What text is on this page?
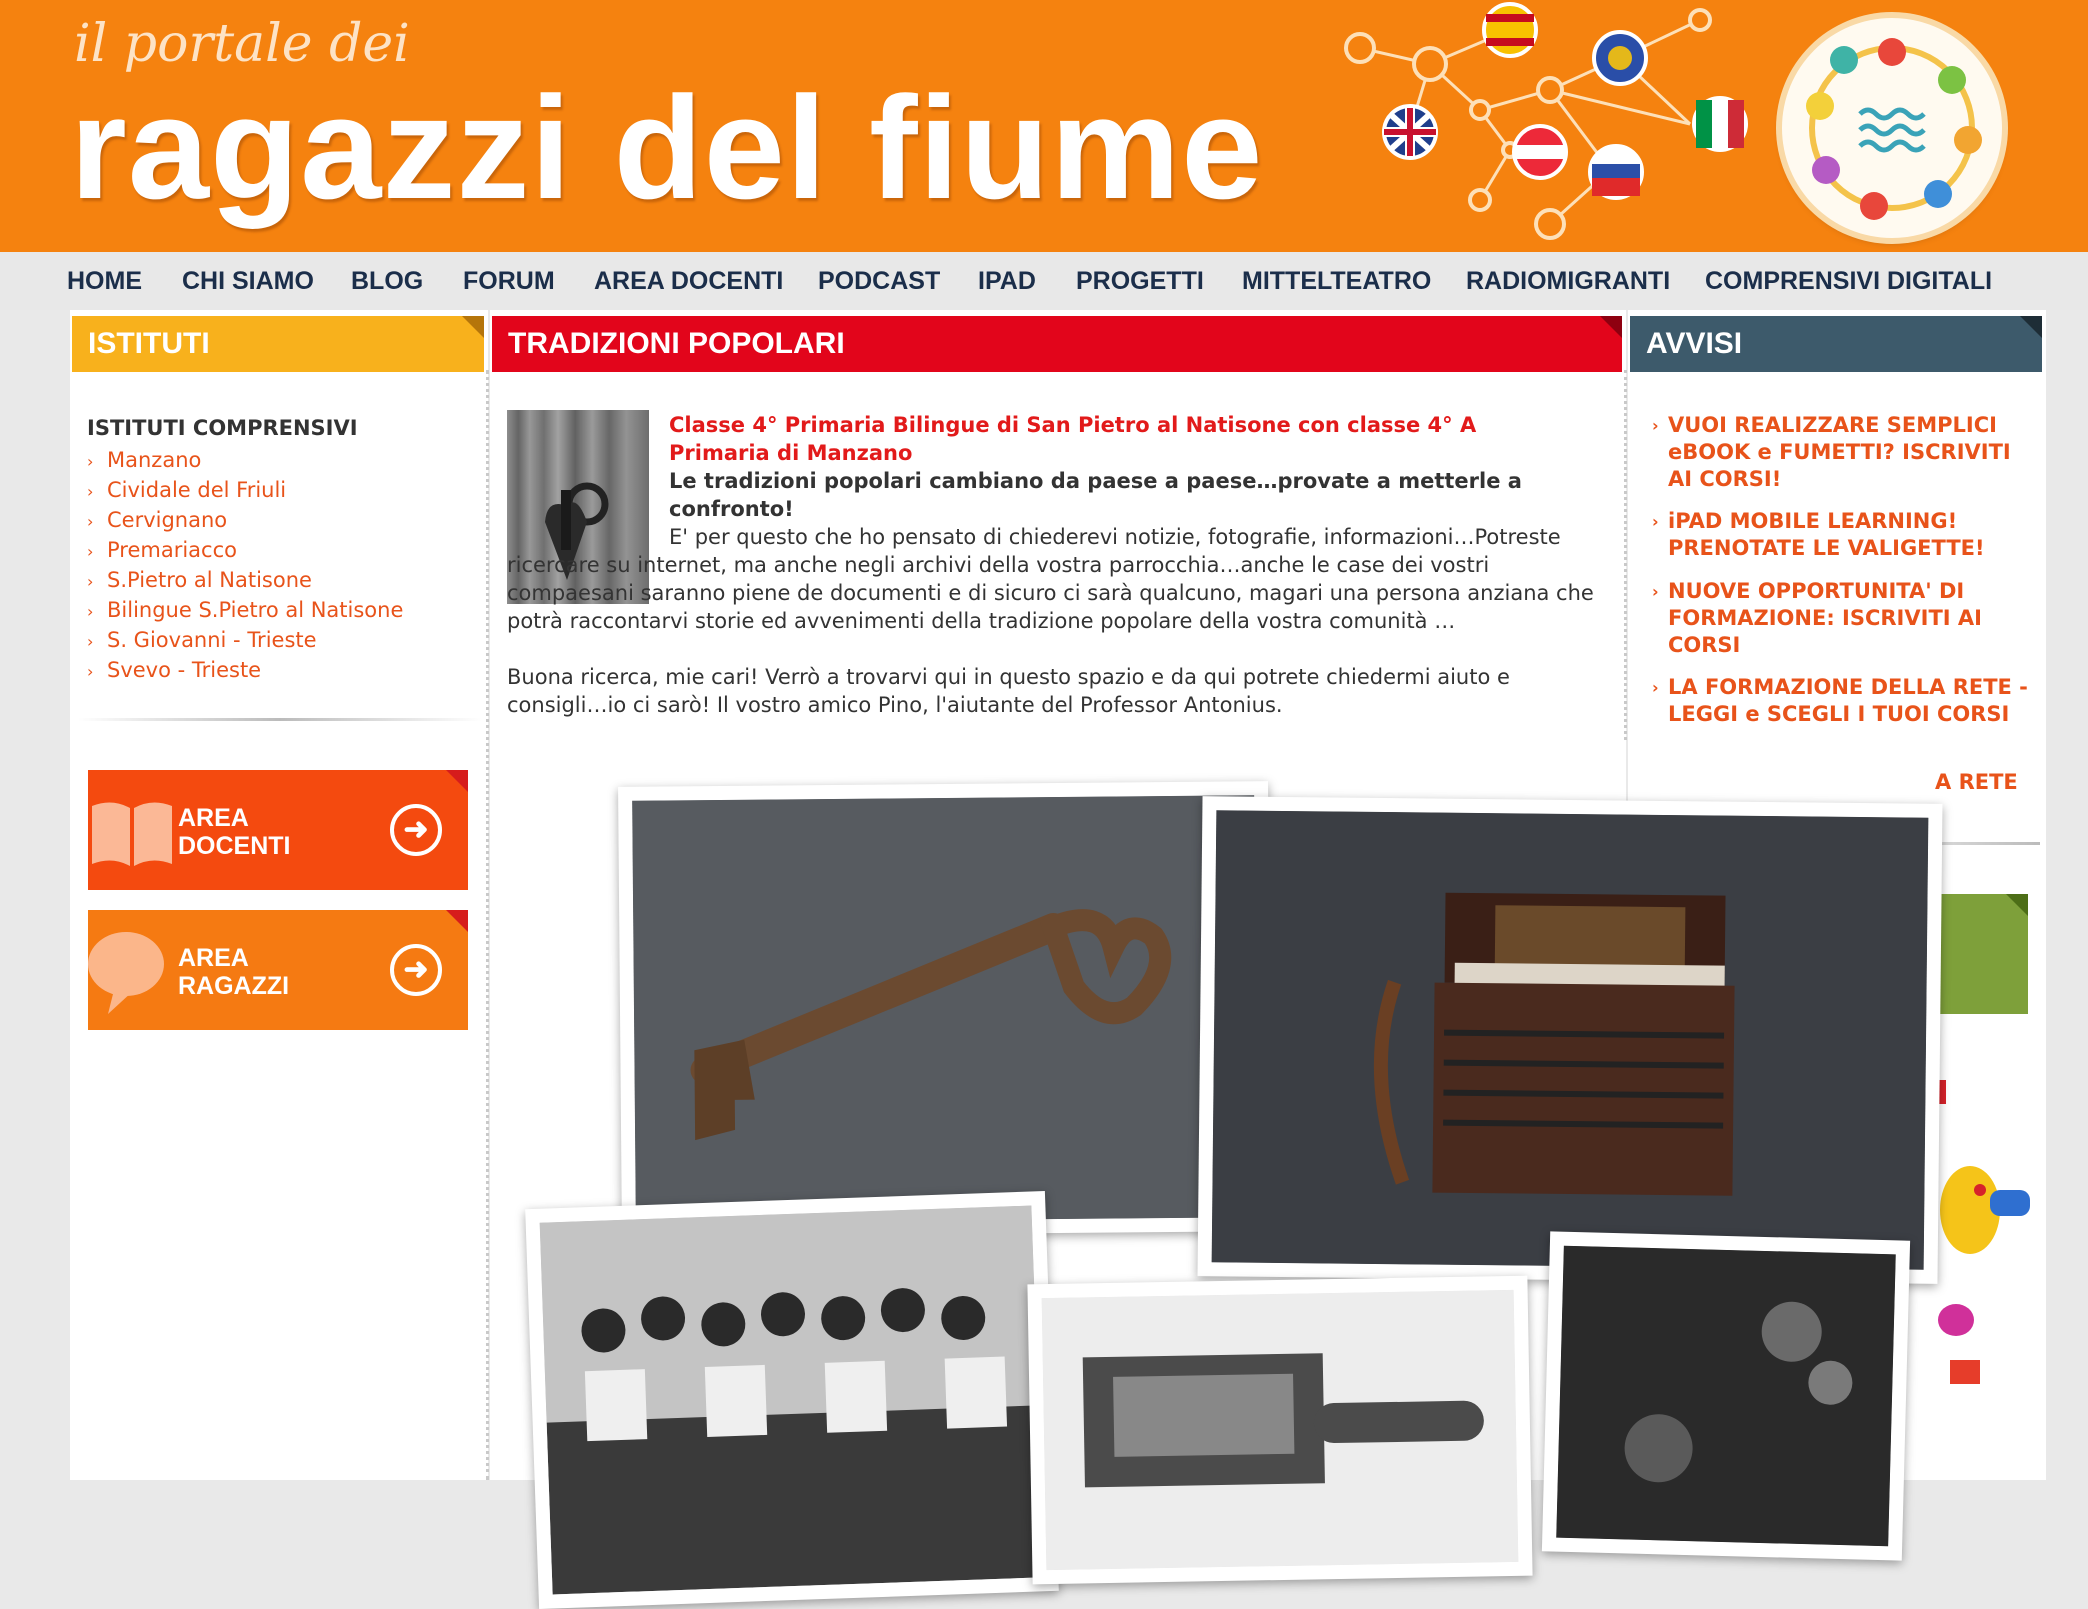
il portale dei
ragazzi del fiume
HOME CHI SIAMO BLOG FORUM AREA DOCENTI PODCAST IPAD PROGETTI MITTELTEATRO RADIOMIGRANTI COMPRENSIVI DIGITALI
ISTITUTI
ISTITUTI COMPRENSIVI
› Manzano
› Cividale del Friuli
› Cervignano
› Premariacco
› S.Pietro al Natisone
› Bilingue S.Pietro al Natisone
› S. Giovanni - Trieste
› Svevo - Trieste
AREA
DOCENTI	➜
AREA
RAGAZZI	➜
TRADIZIONI POPOLARI
Classe 4° Primaria Bilingue di San Pietro al Natisone con classe 4° A Primaria di Manzano
Le tradizioni popolari cambiano da paese a paese…provate a metterle a confronto!
E' per questo che ho pensato di chiederevi notizie, fotografie, informazioni…Potreste ricercare su internet, ma anche negli archivi della vostra parrocchia…anche le case dei vostri compaesani saranno piene de documenti e di sicuro ci sarà qualcuno, magari una persona anziana che potrà raccontarvi storie ed avvenimenti della tradizione popolare della vostra comunità …
Buona ricerca, mie cari! Verrò a trovarvi qui in questo spazio e da qui potrete chiedermi aiuto e consigli…io ci sarò! Il vostro amico Pino, l'aiutante del Professor Antonius.
AVVISI
› VUOI REALIZZARE SEMPLICI eBOOK e FUMETTI? ISCRIVITI AI CORSI!
› iPAD MOBILE LEARNING! PRENOTATE LE VALIGETTE!
› NUOVE OPPORTUNITA' DI FORMAZIONE: ISCRIVITI AI CORSI
› LA FORMAZIONE DELLA RETE - LEGGI e SCEGLI I TUOI CORSI
A RETE
